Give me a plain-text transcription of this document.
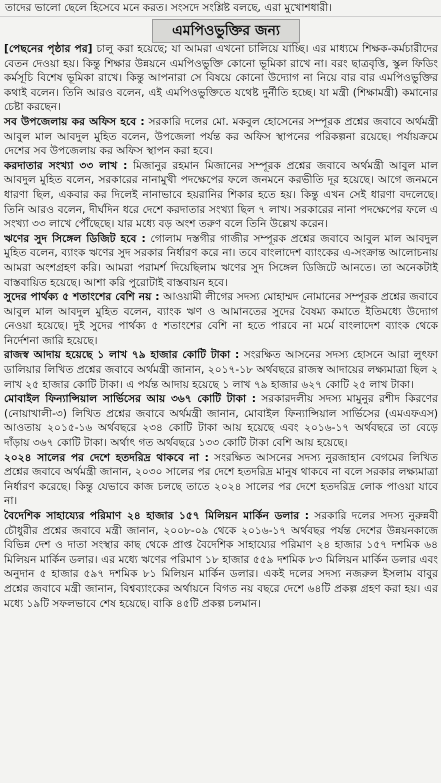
তাদের ভালো ছেলে হিসেবে মনে করত। সংসদে সংশ্লিষ্ট বলছে, এরা মুখোশধারী।
এমপিওভুক্তির জন্য

[পেছনের পৃষ্ঠার পর] চালু করা হয়েছে; যা আমরা এখনো চালিয়ে যাচ্ছি। এর মাধ্যমে শিক্ষক-কর্মচারীদের বেতন দেওয়া হয়। কিন্তু শিক্ষার উন্নয়নে এমপিওভুক্তি কোনো ভূমিকা রাখে না। বরং ছাত্রবৃত্তি, স্কুল ফিডিং কর্মসূচি বিশেষ ভূমিকা রাখে। কিন্তু আপনারা সে বিষয়ে কোনো উদ্যোগ না নিয়ে বার বার এমপিওভুক্তির কথাই বলেন। তিনি আরও বলেন, এই এমপিওভুক্তিতে যথেষ্ট দুর্নীতি হচ্ছে। যা মন্ত্রী (শিক্ষামন্ত্রী) কমানোর চেষ্টা করছেন।

সব উপজেলায় কর অফিস হবে : সরকারি দলের মো. মকবুল হোসেনের সম্পূরক প্রশ্নের জবাবে অর্থমন্ত্রী আবুল মাল আবদুল মুহিত বলেন, উপজেলা পর্যন্ত কর অফিস স্থাপনের পরিকল্পনা রয়েছে। পর্যায়ক্রমে দেশের সব উপজেলায় কর অফিস স্থাপন করা হবে।

করদাতার সংখ্যা ৩৩ লাখ : মিজানুর রহমান মিজানের সম্পূরক প্রশ্নের জবাবে অর্থমন্ত্রী আবুল মাল আবদুল মুহিত বলেন, সরকারের নানামুখী পদক্ষেপের ফলে জনমনে করভীতি দূর হয়েছে। আগে জনমনে ধারণা ছিল, একবার কর দিলেই নানাভাবে হয়রানির শিকার হতে হয়। কিন্তু এখন সেই ধারণা বদলেছে। তিনি আরও বলেন, দীর্ঘদিন ধরে দেশে করদাতার সংখ্যা ছিল ৭ লাখ। সরকারের নানা পদক্ষেপের ফলে এ সংখ্যা ৩৩ লাখে পৌঁছেছে। যার মধ্যে বড় অংশ তরুণ বলে তিনি উল্লেখ করেন।

ঋণের সুদ সিঙ্গেল ডিজিট হবে : গোলাম দস্তগীর গাজীর সম্পূরক প্রশ্নের জবাবে আবুল মাল আবদুল মুহিত বলেন, ব্যাংক ঋণের সুদ সরকার নির্ধারণ করে না। তবে বাংলাদেশ ব্যাংকের এ-সংক্রান্ত আলোচনায় আমরা অংশগ্রহণ করি। আমরা পরামর্শ দিয়েছিলাম ঋণের সুদ সিঙ্গেল ডিজিটে আনতে। তা অনেকটাই বাস্তবায়িত হয়েছে। আশা করি পুরোটাই বাস্তবায়ন হবে।

সুদের পার্থক্য ৫ শতাংশের বেশি নয় : আওয়ামী লীগের সদস্য মোহাম্মদ নোমানের সম্পূরক প্রশ্নের জবাবে আবুল মাল আবদুল মুহিত বলেন, ব্যাংক ঋণ ও আমানতের সুদের বৈষম্য কমাতে ইতিমধ্যে উদ্যোগ নেওয়া হয়েছে। দুই সুদের পার্থক্য ৫ শতাংশের বেশি না হতে পারবে না মর্মে বাংলাদেশ ব্যাংক থেকে নির্দেশনা জারি হয়েছে।

রাজস্ব আদায় হয়েছে ১ লাখ ৭৯ হাজার কোটি টাকা : সংরক্ষিত আসনের সদস্য হোসনে আরা লুৎফা ডালিয়ার লিখিত প্রশ্নের জবাবে অর্থমন্ত্রী জানান, ২০১৭-১৮ অর্থবছরে রাজস্ব আদায়ের লক্ষ্যমাত্রা ছিল ২ লাখ ২৫ হাজার কোটি টাকা। এ পর্যন্ত আদায় হয়েছে ১ লাখ ৭৯ হাজার ৬২৭ কোটি ২৫ লাখ টাকা।

মোবাইল ফিন্যান্সিয়াল সার্ভিসের আয় ৩৬৭ কোটি টাকা : সরকারদলীয় সদস্য মামুনুর রশীদ কিরণের (নোয়াখালী-৩) লিখিত প্রশ্নের জবাবে অর্থমন্ত্রী জানান, মোবাইল ফিন্যান্সিয়াল সার্ভিসের (এমএফএস) আওতায় ২০১৫-১৬ অর্থবছরে ২৩৪ কোটি টাকা আয় হয়েছে এবং ২০১৬-১৭ অর্থবছরে তা বেড়ে দাঁড়ায় ৩৬৭ কোটি টাকা। অর্থাৎ গত অর্থবছরে ১৩৩ কোটি টাকা বেশি আয় হয়েছে।

২০২৪ সালের পর দেশে হতদরিদ্র থাকবে না : সংরক্ষিত আসনের সদস্য নুরজাহান বেগমের লিখিত প্রশ্নের জবাবে অর্থমন্ত্রী জানান, ২০৩০ সালের পর দেশে হতদরিদ্র মানুষ থাকবে না বলে সরকার লক্ষ্যমাত্রা নির্ধারণ করেছে। কিন্তু যেভাবে কাজ চলছে তাতে ২০২৪ সালের পর দেশে হতদরিদ্র লোক পাওয়া যাবে না।

বৈদেশিক সাহায্যের পরিমাণ ২৪ হাজার ১৫৭ মিলিয়ন মার্কিন ডলার : সরকারি দলের সদস্য নুরুন্নবী চৌধুরীর প্রশ্নের জবাবে মন্ত্রী জানান, ২০০৮-০৯ থেকে ২০১৬-১৭ অর্থবছর পর্যন্ত দেশের উন্নয়নকাজে বিভিন্ন দেশ ও দাতা সংস্থার কাছ থেকে প্রাপ্ত বৈদেশিক সাহায্যের পরিমাণ ২৪ হাজার ১৫৭ দশমিক ৬৪ মিলিয়ন মার্কিন ডলার। এর মধ্যে ঋণের পরিমাণ ১৮ হাজার ৫৫৯ দশমিক ৮৩ মিলিয়ন মার্কিন ডলার এবং অনুদান ৫ হাজার ৫৯৭ দশমিক ৮১ মিলিয়ন মার্কিন ডলার। একই দলের সদস্য নজরুল ইসলাম বাবুর প্রশ্নের জবাবে মন্ত্রী জানান, বিশ্বব্যাংকের অর্থায়নে বিগত নয় বছরে দেশে ৬৪টি প্রকল্প গ্রহণ করা হয়। এর মধ্যে ১৯টি সফলভাবে শেষ হয়েছে। বাকি ৪৫টি প্রকল্প চলমান।
